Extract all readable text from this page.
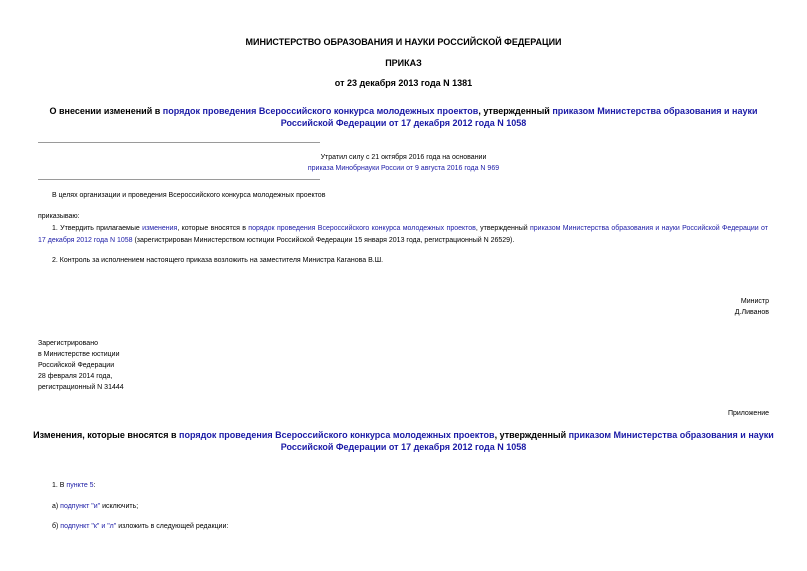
МИНИСТЕРСТВО ОБРАЗОВАНИЯ И НАУКИ РОССИЙСКОЙ ФЕДЕРАЦИИ
ПРИКАЗ
от 23 декабря 2013 года N 1381
О внесении изменений в порядок проведения Всероссийского конкурса молодежных проектов, утвержденный приказом Министерства образования и науки Российской Федерации от 17 декабря 2012 года N 1058
Утратил силу с 21 октября 2016 года на основании
приказа Минобрнауки России от 9 августа 2016 года N 969
В целях организации и проведения Всероссийского конкурса молодежных проектов
приказываю:
1. Утвердить прилагаемые изменения, которые вносятся в порядок проведения Всероссийского конкурса молодежных проектов, утвержденный приказом Министерства образования и науки Российской Федерации от 17 декабря 2012 года N 1058 (зарегистрирован Министерством юстиции Российской Федерации 15 января 2013 года, регистрационный N 26529).
2. Контроль за исполнением настоящего приказа возложить на заместителя Министра Каганова В.Ш.
Министр
Д.Ливанов
Зарегистрировано
в Министерстве юстиции
Российской Федерации
28 февраля 2014 года,
регистрационный N 31444
Приложение
Изменения, которые вносятся в порядок проведения Всероссийского конкурса молодежных проектов, утвержденный приказом Министерства образования и науки Российской Федерации от 17 декабря 2012 года N 1058
1. В пункте 5:
а) подпункт "и" исключить;
б) подпункт "к" и "л" изложить в следующей редакции:
